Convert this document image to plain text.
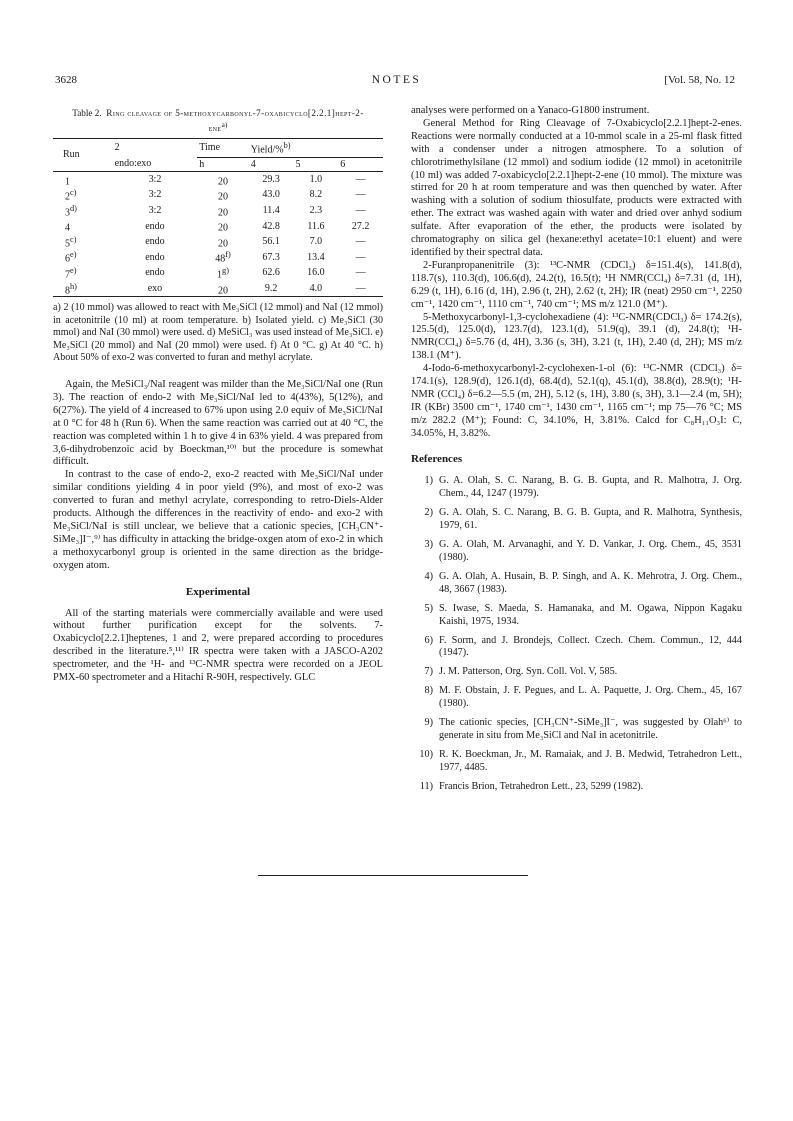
3628	NOTES	[Vol. 58, No. 12
Table 2. Ring cleavage of 5-methoxycarbonyl-7-oxabicyclo[2.2.1]hept-2-ene$^{a)}$
Run	2	Time	Yield/%$^{b)}$
	endo:exo	h	4	5	6
1	3:2	20	29.3	1.0	—
2$^{c)}$	3:2	20	43.0	8.2	—
3$^{d)}$	3:2	20	11.4	2.3	—
4	endo	20	42.8	11.6	27.2
5$^{c)}$	endo	20	56.1	7.0	—
6$^{e)}$	endo	48$^{f)}$	67.3	13.4	—
7$^{e)}$	endo	1$^{g)}$	62.6	16.0	—
8$^{h)}$	exo	20	9.2	4.0	—
a) 2 (10 mmol) was allowed to react with Me₃SiCl (12 mmol) and NaI (12 mmol) in acetonitrile (10 ml) at room temperature. b) Isolated yield. c) Me₃SiCl (30 mmol) and NaI (30 mmol) were used. d) MeSiCl₃ was used instead of Me₃SiCl. e) Me₃SiCl (20 mmol) and NaI (20 mmol) were used. f) At 0 °C. g) At 40 °C. h) About 50% of exo-2 was converted to furan and methyl acrylate.

Again, the MeSiCl₃/NaI reagent was milder than the Me₃SiCl/NaI one (Run 3). The reaction of endo-2 with Me₃SiCl/NaI led to 4(43%), 5(12%), and 6(27%). The yield of 4 increased to 67% upon using 2.0 equiv of Me₃SiCl/NaI at 0 °C for 48 h (Run 6). When the same reaction was carried out at 40 °C, the reaction was completed within 1 h to give 4 in 63% yield. 4 was prepared from 3,6-dihydrobenzoic acid by Boeckman,¹⁰⁾ but the procedure is somewhat difficult.

In contrast to the case of endo-2, exo-2 reacted with Me₃SiCl/NaI under similar conditions yielding 4 in poor yield (9%), and most of exo-2 was converted to furan and methyl acrylate, corresponding to retro-Diels-Alder products. Although the differences in the reactivity of endo- and exo-2 with Me₃SiCl/NaI is still unclear, we believe that a cationic species, [CH₃CN⁺-SiMe₃]I⁻,⁹⁾ has difficulty in attacking the bridge-oxgen atom of exo-2 in which a methoxycarbonyl group is oriented in the same direction as the bridge-oxygen atom.

Experimental

All of the starting materials were commercially available and were used without further purification except for the solvents. 7-Oxabicyclo[2.2.1]heptenes, 1 and 2, were prepared according to procedures described in the literature.⁵,¹¹⁾ IR spectra were taken with a JASCO-A202 spectrometer, and the ¹H- and ¹³C-NMR spectra were recorded on a JEOL PMX-60 spectrometer and a Hitachi R-90H, respectively. GLC

analyses were performed on a Yanaco-G1800 instrument.

General Method for Ring Cleavage of 7-Oxabicyclo[2.2.1]hept-2-enes. Reactions were normally conducted at a 10-mmol scale in a 25-ml flask fitted with a condenser under a nitrogen atmosphere. To a solution of chlorotrimethylsilane (12 mmol) and sodium iodide (12 mmol) in acetonitrile (10 ml) was added 7-oxabicyclo[2.2.1]hept-2-ene (10 mmol). The mixture was stirred for 20 h at room temperature and was then quenched by water. After washing with a solution of sodium thiosulfate, products were extracted with ether. The extract was washed again with water and dried over anhyd sodium sulfate. After evaporation of the ether, the products were isolated by chromatography on silica gel (hexane:ethyl acetate=10:1 eluent) and were identified by their spectral data.

2-Furanpropanenitrile (3): ¹³C-NMR (CDCl₃) δ=151.4(s), 141.8(d), 118.7(s), 110.3(d), 106.6(d), 24.2(t), 16.5(t); ¹H NMR(CCl₄) δ=7.31 (d, 1H), 6.29 (t, 1H), 6.16 (d, 1H), 2.96 (t, 2H), 2.62 (t, 2H); IR (neat) 2950 cm⁻¹, 2250 cm⁻¹, 1420 cm⁻¹, 1110 cm⁻¹, 740 cm⁻¹; MS m/z 121.0 (M⁺).

5-Methoxycarbonyl-1,3-cyclohexadiene (4): ¹³C-NMR(CDCl₃) δ= 174.2(s), 125.5(d), 125.0(d), 123.7(d), 123.1(d), 51.9(q), 39.1 (d), 24.8(t); ¹H-NMR(CCl₄) δ=5.76 (d, 4H), 3.36 (s, 3H), 3.21 (t, 1H), 2.40 (d, 2H); MS m/z 138.1 (M⁺).

4-Iodo-6-methoxycarbonyl-2-cyclohexen-1-ol (6): ¹³C-NMR (CDCl₃) δ= 174.1(s), 128.9(d), 126.1(d), 68.4(d), 52.1(q), 45.1(d), 38.8(d), 28.9(t); ¹H-NMR (CCl₄) δ=6.2—5.5 (m, 2H), 5.12 (s, 1H), 3.80 (s, 3H), 3.1—2.4 (m, 5H); IR (KBr) 3500 cm⁻¹, 1740 cm⁻¹, 1430 cm⁻¹, 1165 cm⁻¹; mp 75—76 °C; MS m/z 282.2 (M⁺); Found: C, 34.10%, H, 3.81%. Calcd for C₈H₁₁O₃I: C, 34.05%, H, 3.82%.

References
1) G. A. Olah, S. C. Narang, B. G. B. Gupta, and R. Malhotra, J. Org. Chem., 44, 1247 (1979).
2) G. A. Olah, S. C. Narang, B. G. B. Gupta, and R. Malhotra, Synthesis, 1979, 61.
3) G. A. Olah, M. Arvanaghi, and Y. D. Vankar, J. Org. Chem., 45, 3531 (1980).
4) G. A. Olah, A. Husain, B. P. Singh, and A. K. Mehrotra, J. Org. Chem., 48, 3667 (1983).
5) S. Iwase, S. Maeda, S. Hamanaka, and M. Ogawa, Nippon Kagaku Kaishi, 1975, 1934.
6) F. Sorm, and J. Brondejs, Collect. Czech. Chem. Commun., 12, 444 (1947).
7) J. M. Patterson, Org. Syn. Coll. Vol. V, 585.
8) M. F. Obstain, J. F. Pegues, and L. A. Paquette, J. Org. Chem., 45, 167 (1980).
9) The cationic species, [CH₃CN⁺-SiMe₃]I⁻, was suggested by Olah⁶⁾ to generate in situ from Me₃SiCl and NaI in acetonitrile.
10) R. K. Boeckman, Jr., M. Ramaiak, and J. B. Medwid, Tetrahedron Lett., 1977, 4485.
11) Francis Brion, Tetrahedron Lett., 23, 5299 (1982).
